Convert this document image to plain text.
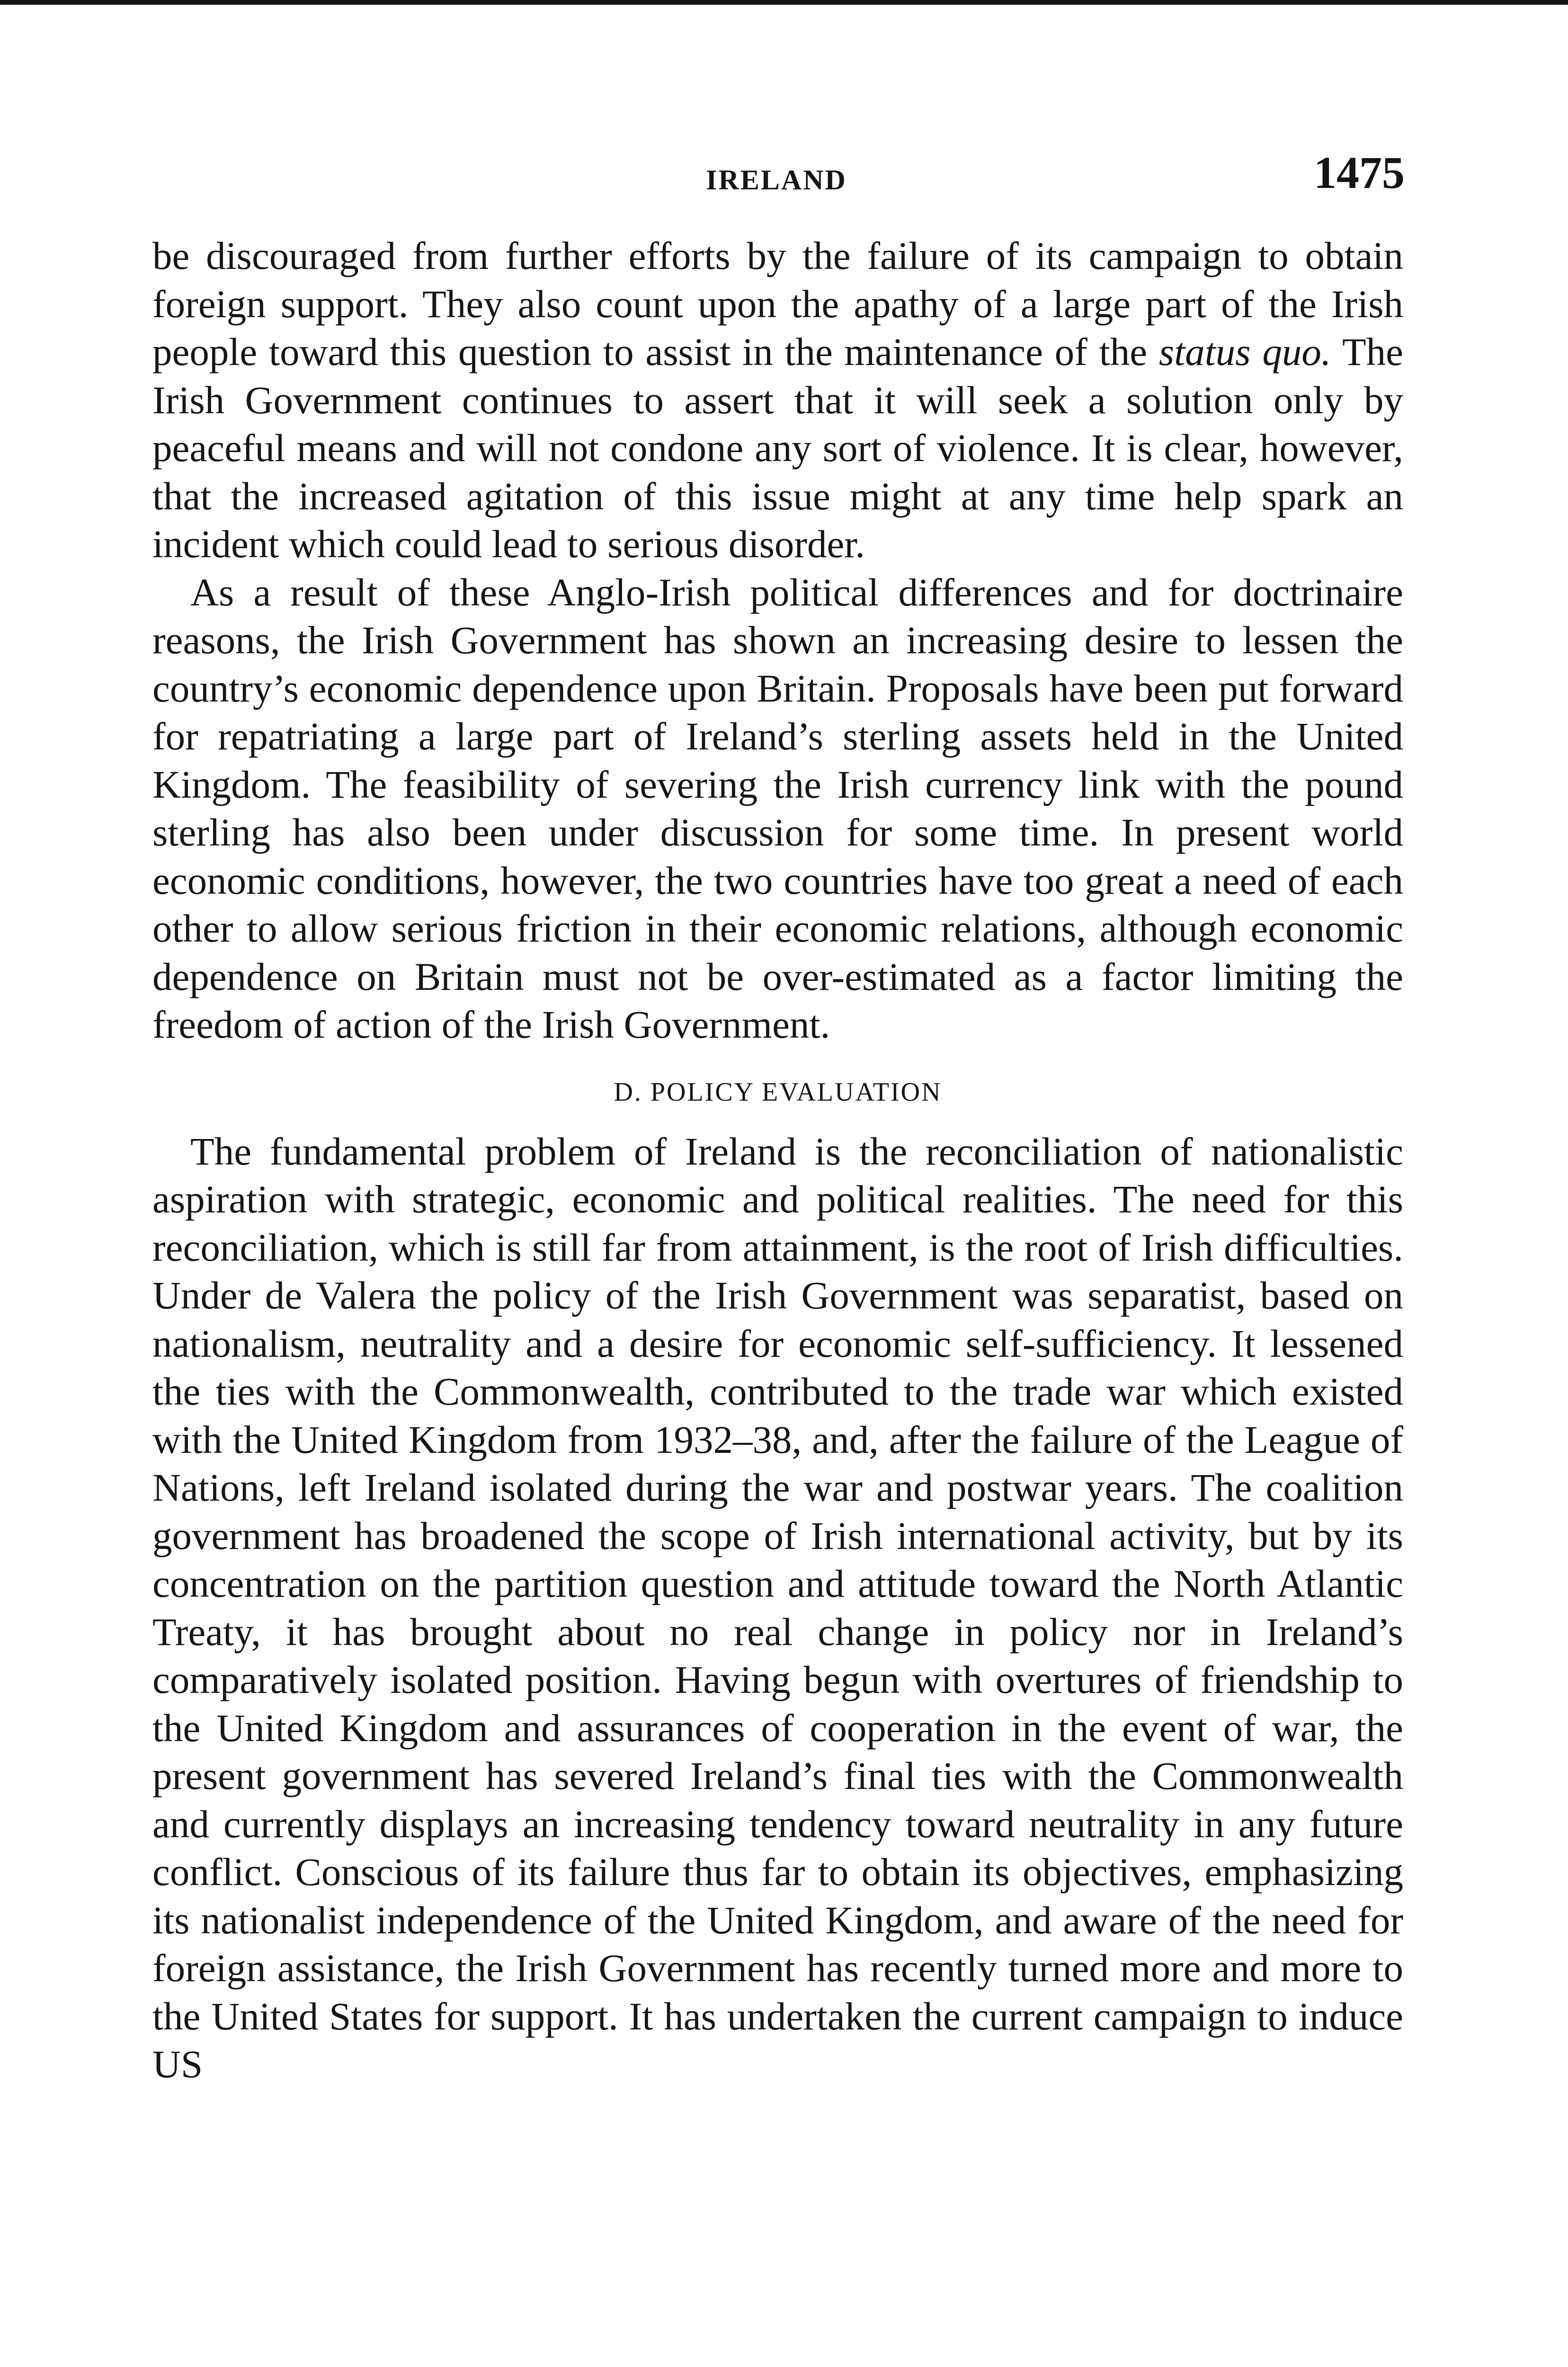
IRELAND	1475

be discouraged from further efforts by the failure of its campaign to obtain foreign support. They also count upon the apathy of a large part of the Irish people toward this question to assist in the maintenance of the status quo. The Irish Government continues to assert that it will seek a solution only by peaceful means and will not condone any sort of violence. It is clear, however, that the increased agitation of this issue might at any time help spark an incident which could lead to serious disorder.

As a result of these Anglo-Irish political differences and for doctrinaire reasons, the Irish Government has shown an increasing desire to lessen the country’s economic dependence upon Britain. Proposals have been put forward for repatriating a large part of Ireland’s sterling assets held in the United Kingdom. The feasibility of severing the Irish currency link with the pound sterling has also been under discussion for some time. In present world economic conditions, however, the two countries have too great a need of each other to allow serious friction in their economic relations, although economic dependence on Britain must not be over-estimated as a factor limiting the freedom of action of the Irish Government.

D. POLICY EVALUATION

The fundamental problem of Ireland is the reconciliation of nationalistic aspiration with strategic, economic and political realities. The need for this reconciliation, which is still far from attainment, is the root of Irish difficulties. Under de Valera the policy of the Irish Government was separatist, based on nationalism, neutrality and a desire for economic self-sufficiency. It lessened the ties with the Commonwealth, contributed to the trade war which existed with the United Kingdom from 1932–38, and, after the failure of the League of Nations, left Ireland isolated during the war and postwar years. The coalition government has broadened the scope of Irish international activity, but by its concentration on the partition question and attitude toward the North Atlantic Treaty, it has brought about no real change in policy nor in Ireland’s comparatively isolated position. Having begun with overtures of friendship to the United Kingdom and assurances of cooperation in the event of war, the present government has severed Ireland’s final ties with the Commonwealth and currently displays an increasing tendency toward neutrality in any future conflict. Conscious of its failure thus far to obtain its objectives, emphasizing its nationalist independence of the United Kingdom, and aware of the need for foreign assistance, the Irish Government has recently turned more and more to the United States for support. It has undertaken the current campaign to induce US
